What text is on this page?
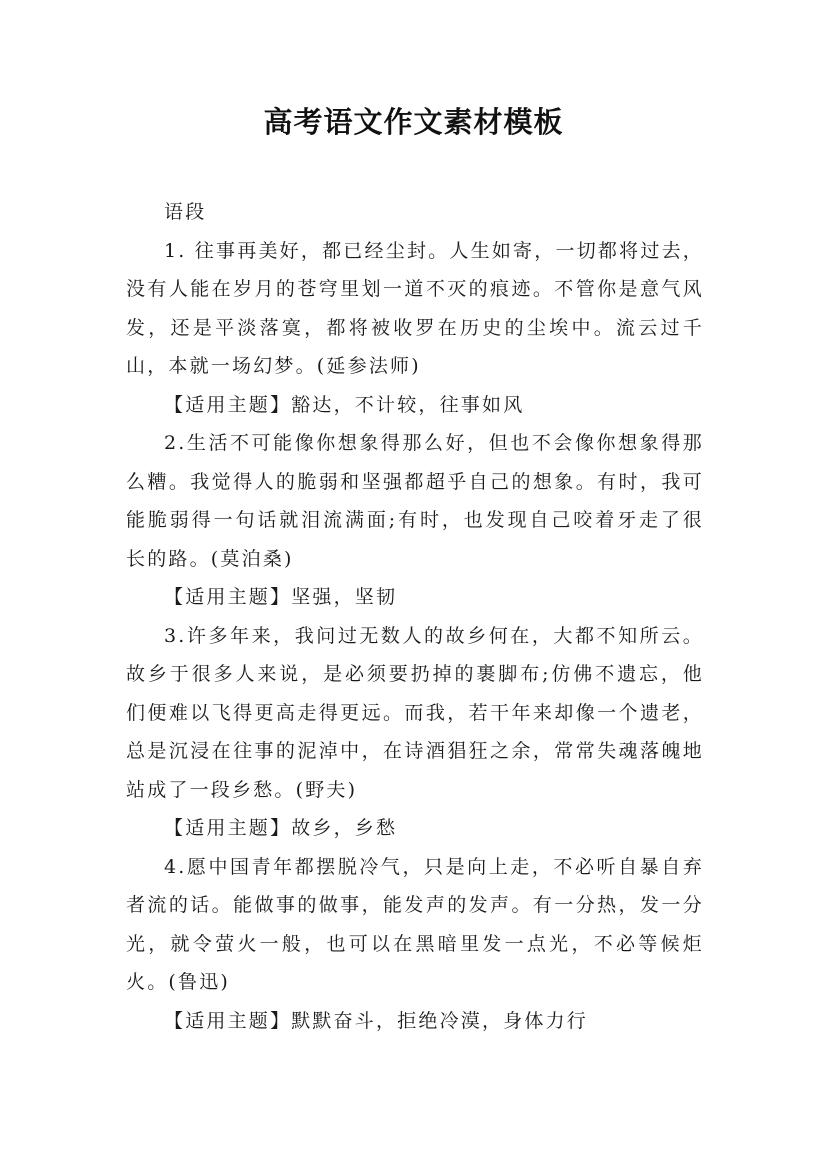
高考语文作文素材模板

语段

1. 往事再美好，都已经尘封。人生如寄，一切都将过去，没有人能在岁月的苍穹里划一道不灭的痕迹。不管你是意气风发，还是平淡落寞，都将被收罗在历史的尘埃中。流云过千山，本就一场幻梦。(延参法师)

【适用主题】豁达，不计较，往事如风

2.生活不可能像你想象得那么好，但也不会像你想象得那么糟。我觉得人的脆弱和坚强都超乎自己的想象。有时，我可能脆弱得一句话就泪流满面;有时，也发现自己咬着牙走了很长的路。(莫泊桑)

【适用主题】坚强，坚韧

3.许多年来，我问过无数人的故乡何在，大都不知所云。故乡于很多人来说，是必须要扔掉的裹脚布;仿佛不遗忘，他们便难以飞得更高走得更远。而我，若干年来却像一个遗老，总是沉浸在往事的泥淖中，在诗酒猖狂之余，常常失魂落魄地站成了一段乡愁。(野夫)

【适用主题】故乡，乡愁

4.愿中国青年都摆脱冷气，只是向上走，不必听自暴自弃者流的话。能做事的做事，能发声的发声。有一分热，发一分光，就令萤火一般，也可以在黑暗里发一点光，不必等候炬火。(鲁迅)

【适用主题】默默奋斗，拒绝冷漠，身体力行
